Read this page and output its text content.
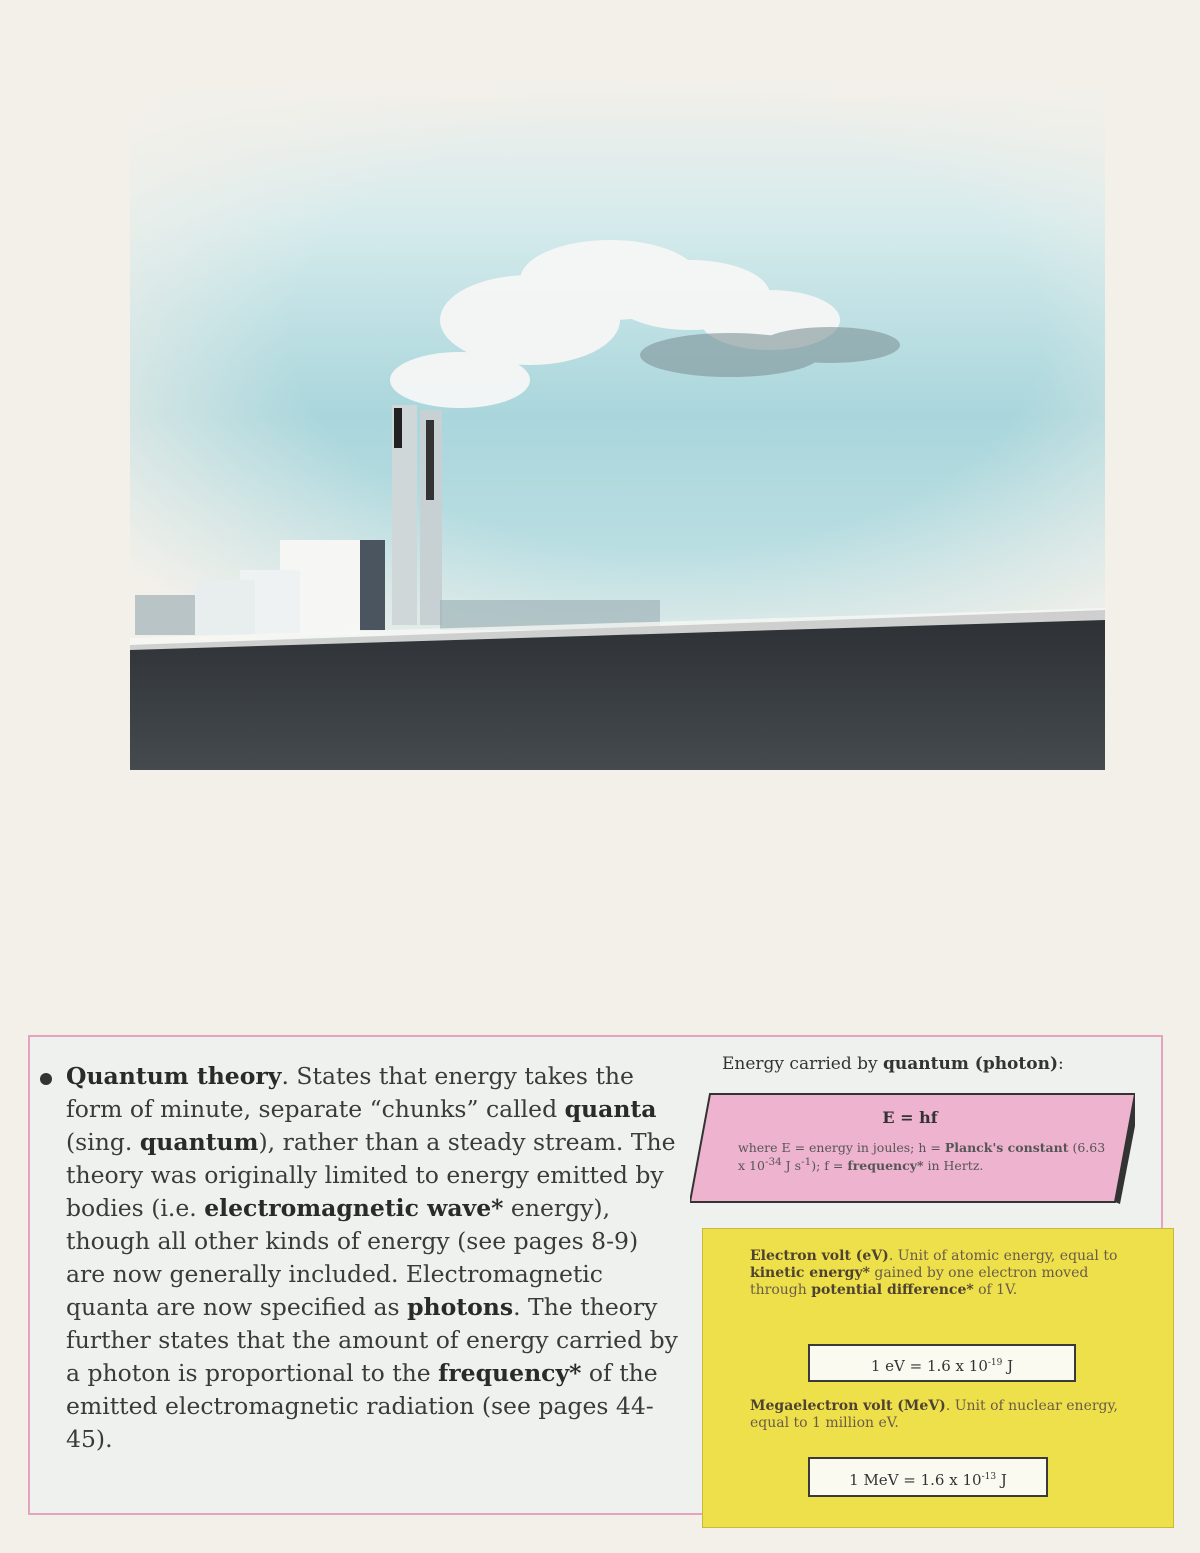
Quantum theory. States that energy takes the form of minute, separate “chunks” called quanta (sing. quantum), rather than a steady stream. The theory was originally limited to energy emitted by bodies (i.e. electromagnetic wave* energy), though all other kinds of energy (see pages 8-9) are now generally included. Electromagnetic quanta are now specified as photons. The theory further states that the amount of energy carried by a photon is proportional to the frequency* of the emitted electromagnetic radiation (see pages 44-45).

Energy carried by quantum (photon):
E = hf
where E = energy in joules; h = Planck's constant (6.63 x $10^{-34}$ J $s^{-1}$); f = frequency* in Hertz.
Electron volt (eV). Unit of atomic energy, equal to kinetic energy* gained by one electron moved through potential difference* of 1V.
1 eV = 1.6 x $10^{-19}$ J
Megaelectron volt (MeV). Unit of nuclear energy, equal to 1 million eV.
1 MeV = 1.6 x $10^{-13}$ J
